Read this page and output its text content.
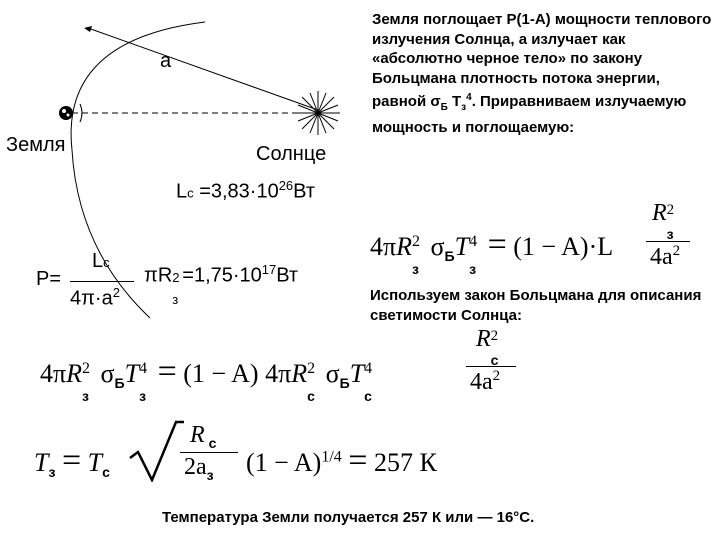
a
Земля	Солнце
$Lc =3,83\cdot 10^{26}Вт$
P=
Lc
$4\pi\cdot a^2$
πR 2
з
$=1,75\cdot 10^{17}Вт$
Земля поглощает P(1-A) мощности теплового излучения Солнца, а излучает как «абсолютно черное тело» по закону Больцмана плотность потока энергии, равной $\sigma_Б$ $T_з^4$. Приравниваем излучаемую мощность и поглощаемую:
4πR 2
з
$\sigma_БT$ 4
з
= (1 − A)·L
R 2
з
$4a^2$
Используем закон Больцмана для описания светимости Солнца:
4πR 2
з
$\sigma_БT$ 4
з
= (1 − A) 4πR 2
с
$\sigma_БT$ 4
с
R 2
с
$4a^2$
$T_з = T_с$
R $_с$
$2a_з$ $(1 - A)^{1/4} = 257$ К
Температура Земли получается 257 К или — 16°С.
